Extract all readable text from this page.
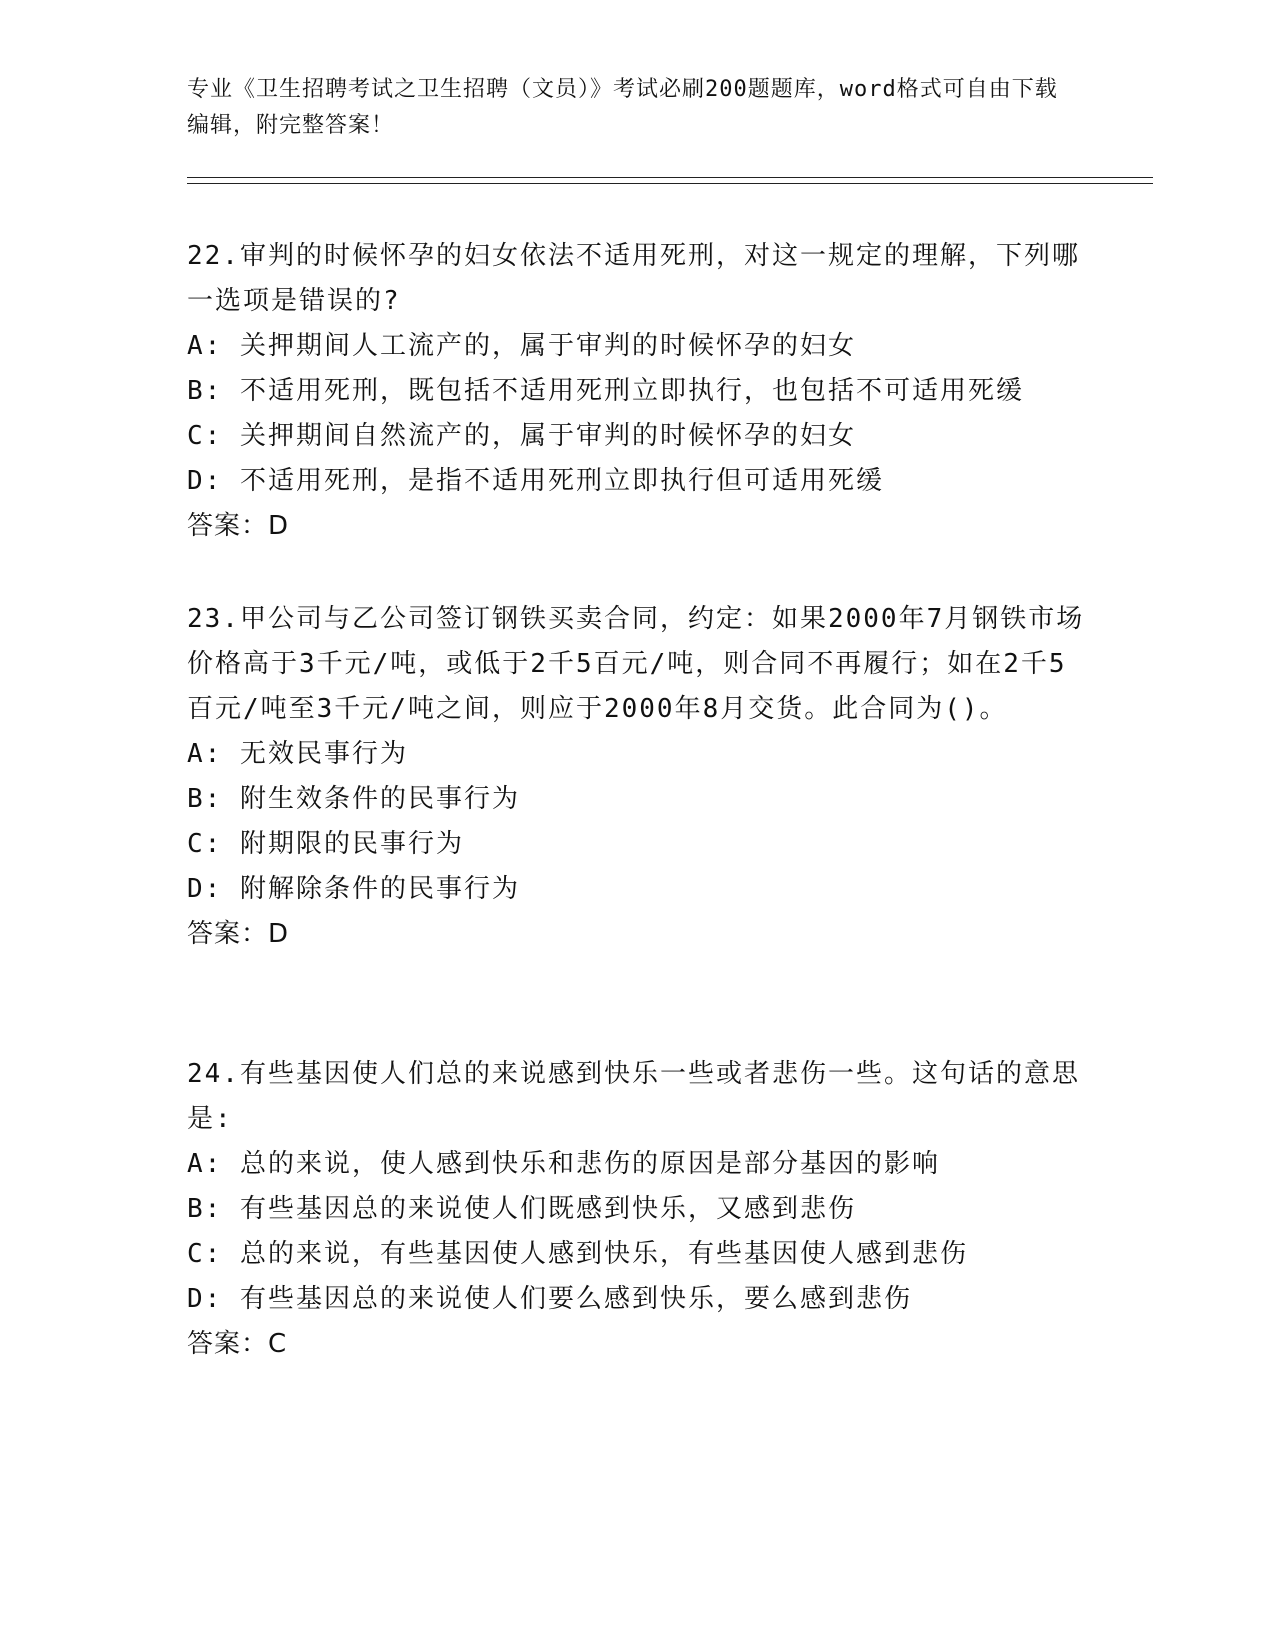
专业《卫生招聘考试之卫生招聘（文员）》考试必刷200题题库，word格式可自由下载编辑，附完整答案！
22.审判的时候怀孕的妇女依法不适用死刑，对这一规定的理解，下列哪一选项是错误的?
A: 关押期间人工流产的，属于审判的时候怀孕的妇女
B: 不适用死刑，既包括不适用死刑立即执行，也包括不可适用死缓
C: 关押期间自然流产的，属于审判的时候怀孕的妇女
D: 不适用死刑，是指不适用死刑立即执行但可适用死缓
答案：D
23.甲公司与乙公司签订钢铁买卖合同，约定：如果2000年7月钢铁市场价格高于3千元/吨，或低于2千5百元/吨，则合同不再履行；如在2千5百元/吨至3千元/吨之间，则应于2000年8月交货。此合同为()。
A: 无效民事行为
B: 附生效条件的民事行为
C: 附期限的民事行为
D: 附解除条件的民事行为
答案：D
24.有些基因使人们总的来说感到快乐一些或者悲伤一些。这句话的意思是:
A: 总的来说，使人感到快乐和悲伤的原因是部分基因的影响
B: 有些基因总的来说使人们既感到快乐，又感到悲伤
C: 总的来说，有些基因使人感到快乐，有些基因使人感到悲伤
D: 有些基因总的来说使人们要么感到快乐，要么感到悲伤
答案：C
